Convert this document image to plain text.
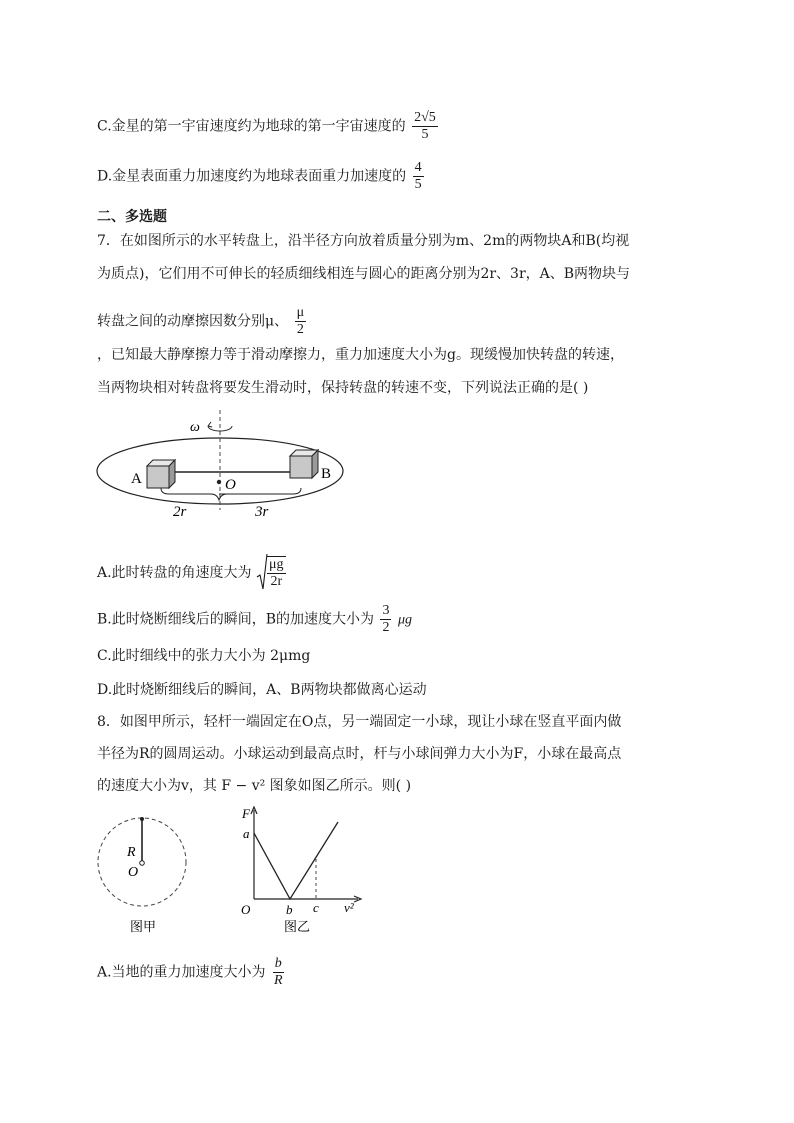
C.金星的第一宇宙速度约为地球的第一宇宙速度的 $\frac{2√5}{5}$
D.金星表面重力加速度约为地球表面重力加速度的 $\frac{4}{5}$
二、多选题
7．在如图所示的水平转盘上，沿半径方向放着质量分别为m、2m的两物块A和B(均视
为质点)，它们用不可伸长的轻质细线相连与圆心的距离分别为2r、3r，A、B两物块与
转盘之间的动摩擦因数分别μ、 $\frac{\mu}{2}$
，已知最大静摩擦力等于滑动摩擦力，重力加速度大小为g。现缓慢加快转盘的转速，
当两物块相对转盘将要发生滑动时，保持转盘的转速不变，下列说法正确的是( )
ω
A	B
O
2r	3r
A.此时转盘的角速度大为 $\frac{\mu g}{2r}$
B.此时烧断细线后的瞬间，B的加速度大小为 $\frac{3}{2}$ μg
C.此时细线中的张力大小为 2μmg
D.此时烧断细线后的瞬间，A、B两物块都做离心运动
8．如图甲所示，轻杆一端固定在O点，另一端固定一小球，现让小球在竖直平面内做
半径为R的圆周运动。小球运动到最高点时，杆与小球间弹力大小为F，小球在最高点
的速度大小为v，其 F − v² 图象如图乙所示。则( )
R
O
图甲
F
a
O	b c v²
图乙
A.当地的重力加速度大小为 $\frac{b}{R}$
